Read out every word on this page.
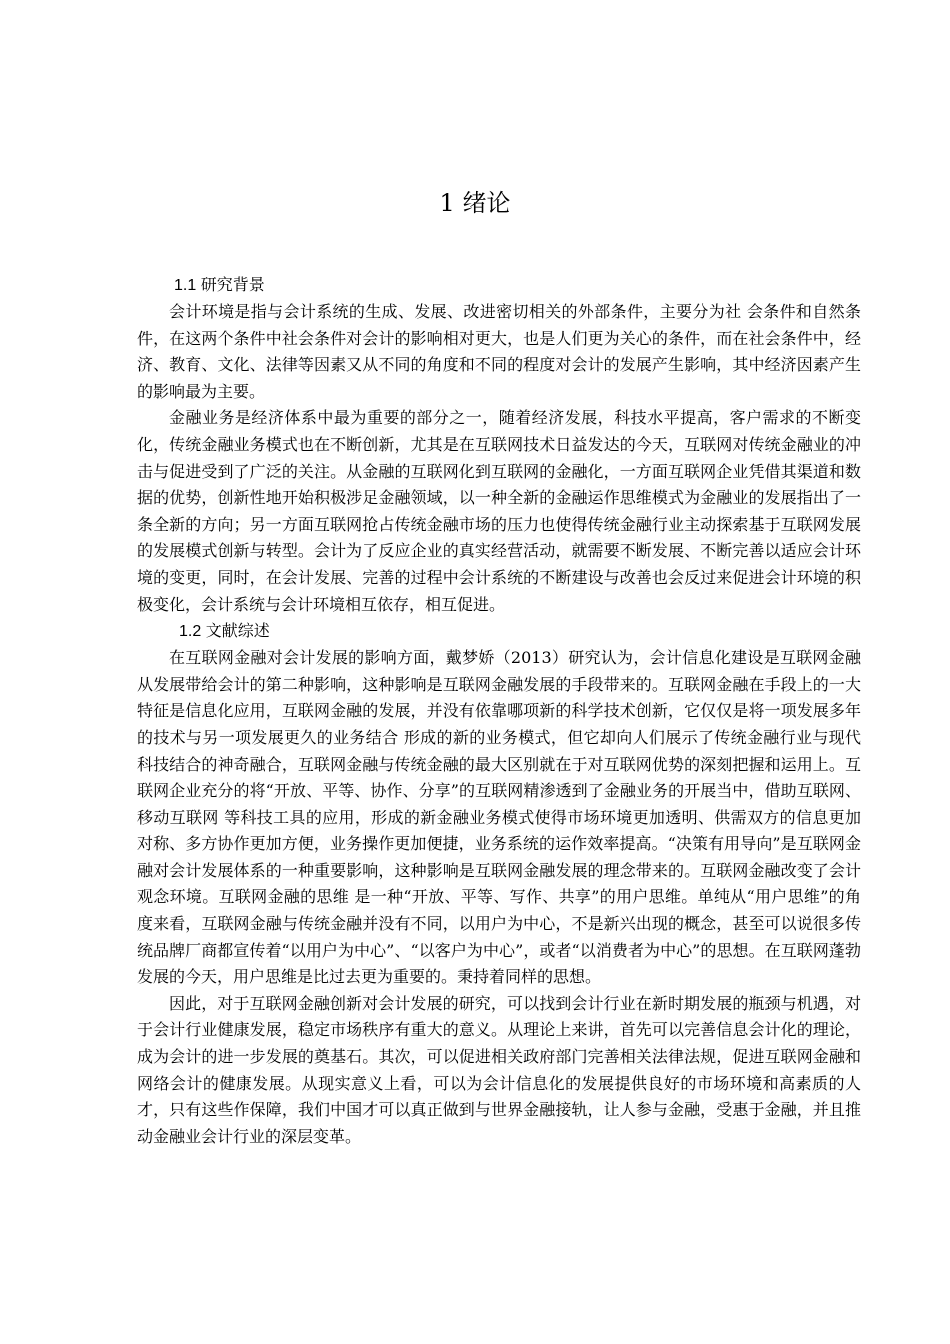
1 绪论
1.1 研究背景

会计环境是指与会计系统的生成、发展、改进密切相关的外部条件，主要分为社 会条件和自然条件，在这两个条件中社会条件对会计的影响相对更大，也是人们更为关心的条件，而在社会条件中，经济、教育、文化、法律等因素又从不同的角度和不同的程度对会计的发展产生影响，其中经济因素产生的影响最为主要。

金融业务是经济体系中最为重要的部分之一，随着经济发展，科技水平提高，客户需求的不断变化，传统金融业务模式也在不断创新，尤其是在互联网技术日益发达的今天，互联网对传统金融业的冲击与促进受到了广泛的关注。从金融的互联网化到互联网的金融化，一方面互联网企业凭借其渠道和数据的优势，创新性地开始积极涉足金融领域，以一种全新的金融运作思维模式为金融业的发展指出了一条全新的方向；另一方面互联网抢占传统金融市场的压力也使得传统金融行业主动探索基于互联网发展的发展模式创新与转型。会计为了反应企业的真实经营活动，就需要不断发展、不断完善以适应会计环境的变更，同时，在会计发展、完善的过程中会计系统的不断建设与改善也会反过来促进会计环境的积极变化，会计系统与会计环境相互依存，相互促进。

1.2 文献综述

在互联网金融对会计发展的影响方面，戴梦娇（2013）研究认为，会计信息化建设是互联网金融从发展带给会计的第二种影响，这种影响是互联网金融发展的手段带来的。互联网金融在手段上的一大特征是信息化应用，互联网金融的发展，并没有依靠哪项新的科学技术创新，它仅仅是将一项发展多年的技术与另一项发展更久的业务结合 形成的新的业务模式，但它却向人们展示了传统金融行业与现代科技结合的神奇融合，互联网金融与传统金融的最大区别就在于对互联网优势的深刻把握和运用上。互联网企业充分的将“开放、平等、协作、分享”的互联网精渗透到了金融业务的开展当中，借助互联网、移动互联网 等科技工具的应用，形成的新金融业务模式使得市场环境更加透明、供需双方的信息更加对称、多方协作更加方便，业务操作更加便捷，业务系统的运作效率提高。“决策有用导向”是互联网金融对会计发展体系的一种重要影响，这种影响是互联网金融发展的理念带来的。互联网金融改变了会计观念环境。互联网金融的思维 是一种“开放、平等、写作、共享”的用户思维。单纯从“用户思维”的角度来看，互联网金融与传统金融并没有不同，以用户为中心，不是新兴出现的概念，甚至可以说很多传统品牌厂商都宣传着“以用户为中心”、“以客户为中心”，或者“以消费者为中心”的思想。在互联网蓬勃发展的今天，用户思维是比过去更为重要的。秉持着同样的思想。

因此，对于互联网金融创新对会计发展的研究，可以找到会计行业在新时期发展的瓶颈与机遇，对于会计行业健康发展，稳定市场秩序有重大的意义。从理论上来讲，首先可以完善信息会计化的理论，成为会计的进一步发展的奠基石。其次，可以促进相关政府部门完善相关法律法规，促进互联网金融和网络会计的健康发展。从现实意义上看，可以为会计信息化的发展提供良好的市场环境和高素质的人才，只有这些作保障，我们中国才可以真正做到与世界金融接轨，让人参与金融，受惠于金融，并且推动金融业会计行业的深层变革。
